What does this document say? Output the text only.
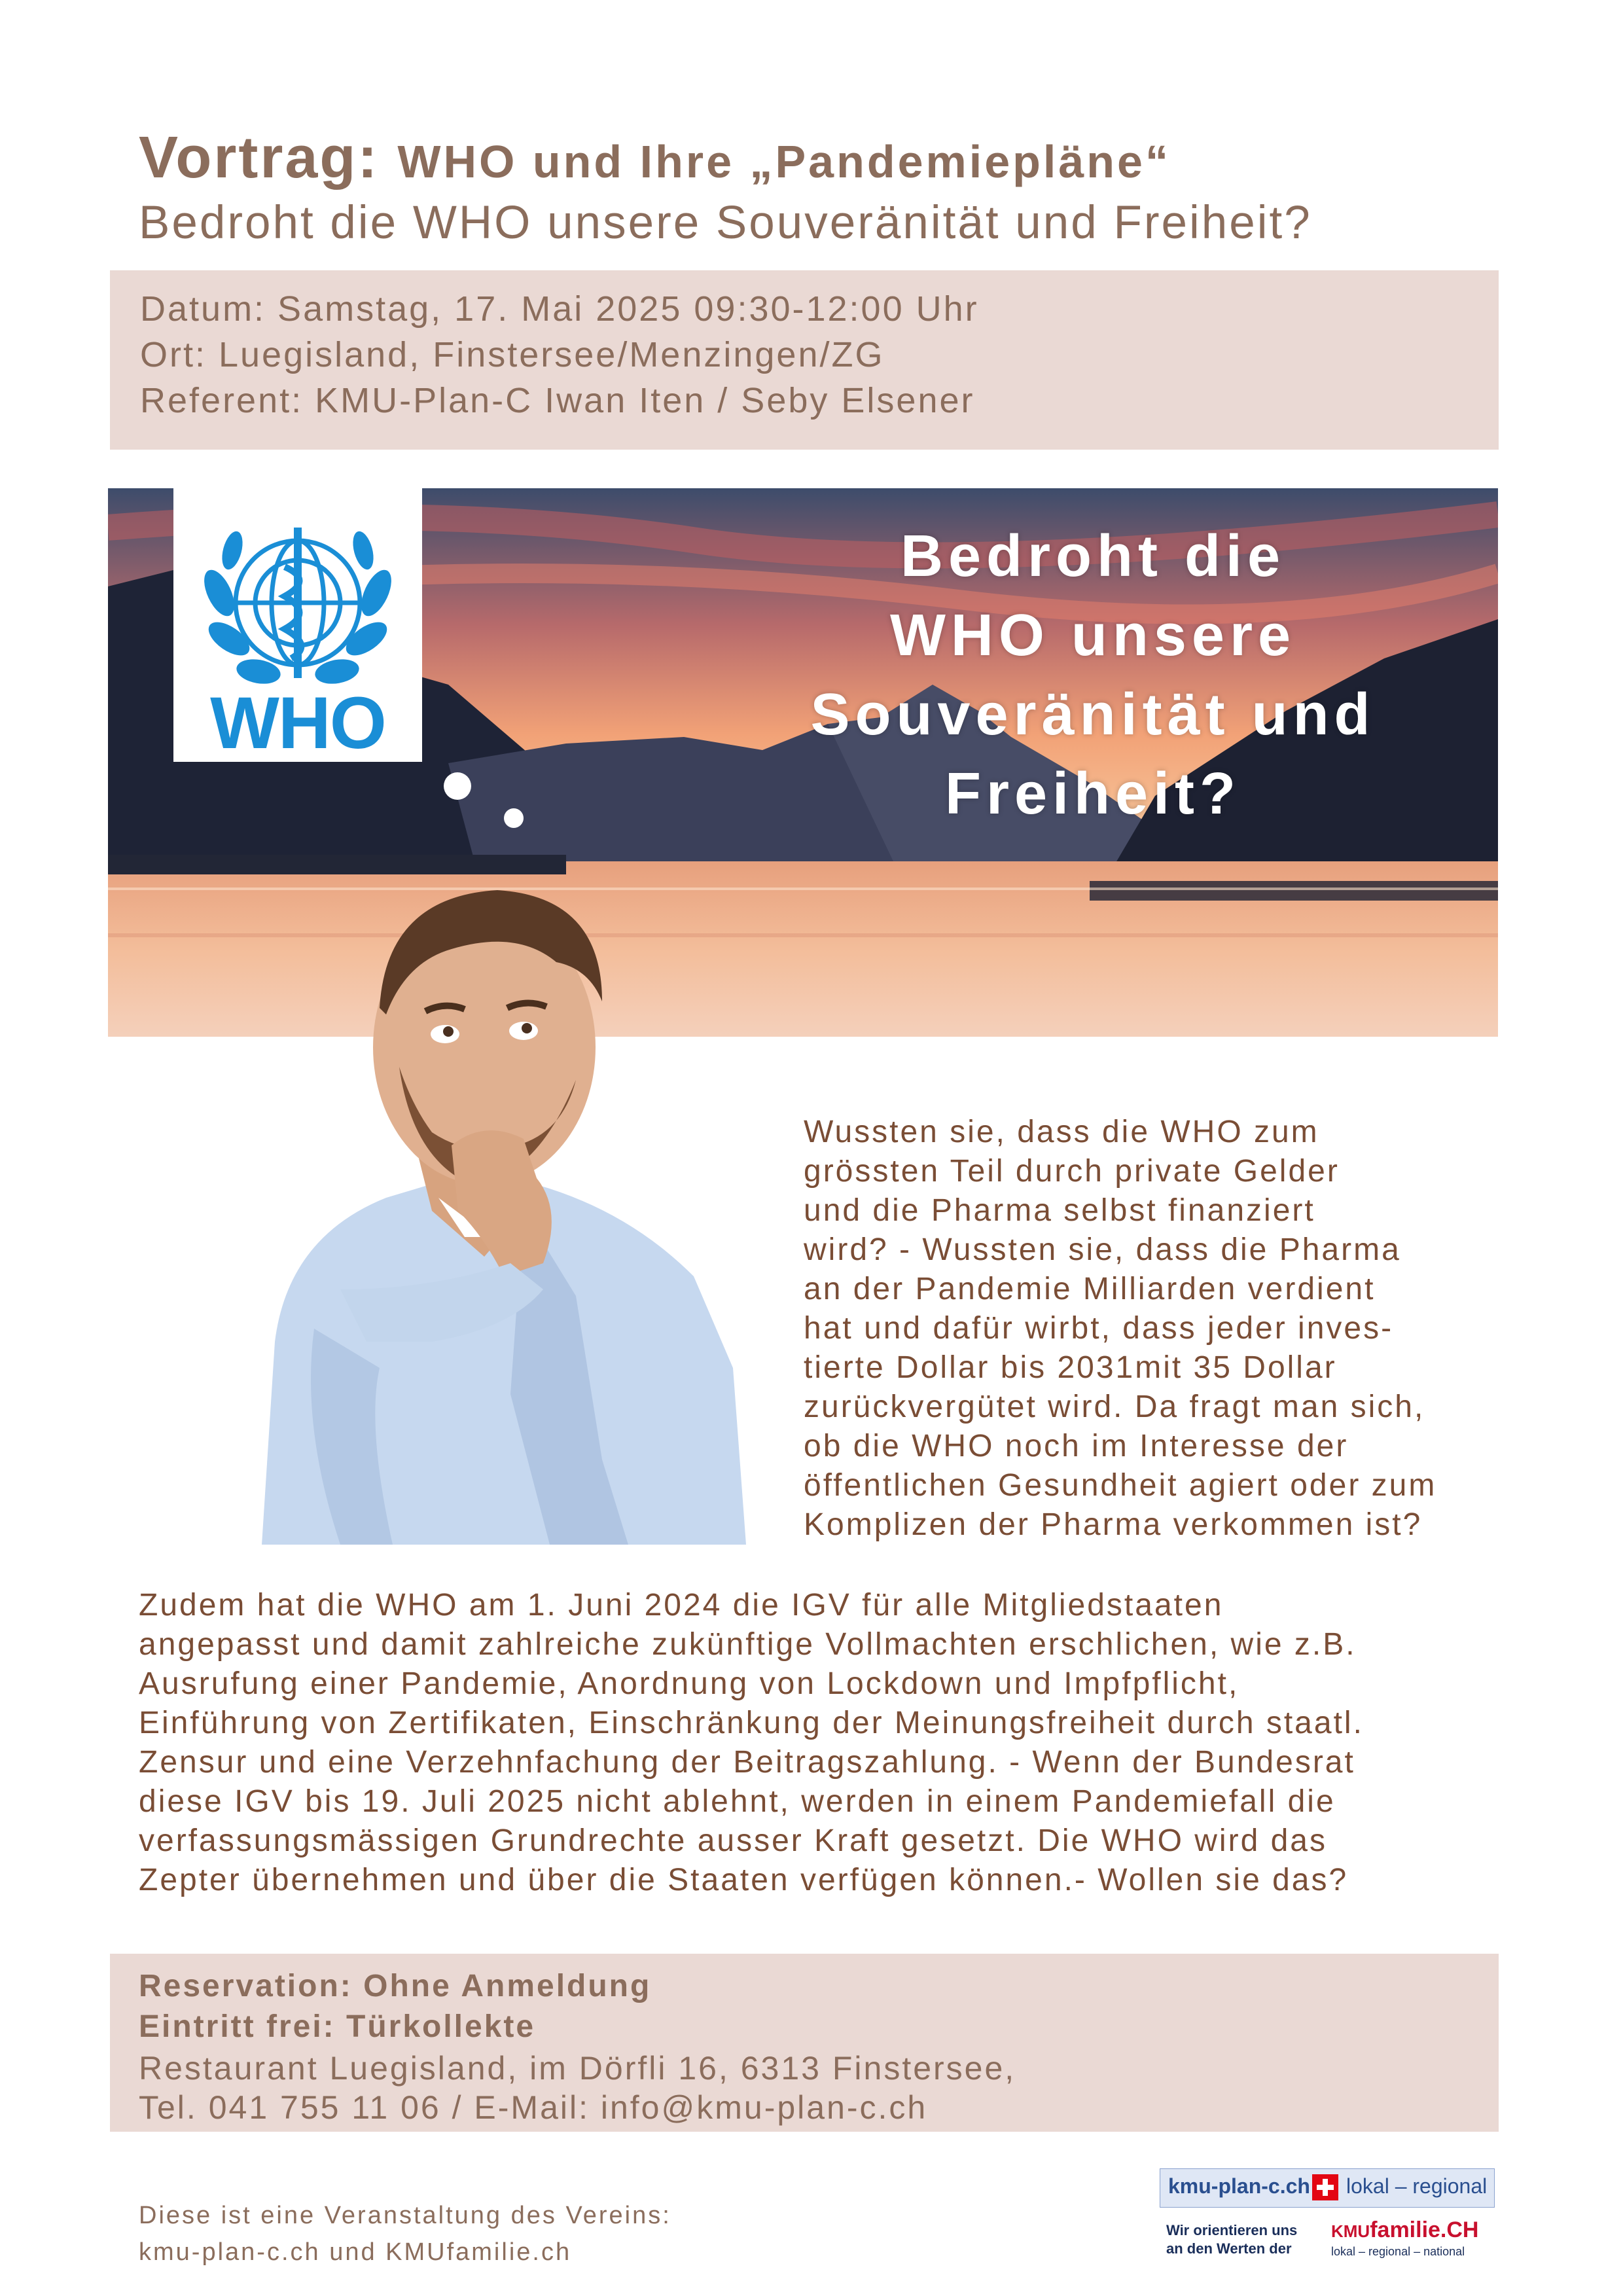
Vortrag: WHO und Ihre „Pandemiepläne“
Bedroht die WHO unsere Souveränität und Freiheit?
Datum: Samstag, 17. Mai 2025 09:30-12:00 Uhr
Ort: Luegisland, Finstersee/Menzingen/ZG
Referent: KMU-Plan-C Iwan Iten / Seby Elsener
WHO
Bedroht die
WHO unsere
Souveränität und
Freiheit?

Wussten sie, dass die WHO zum

grössten Teil durch private Gelder

und die Pharma selbst finanziert

wird? - Wussten sie, dass die Pharma

an der Pandemie Milliarden verdient

hat und dafür wirbt, dass jeder inves-

tierte Dollar bis 2031mit 35 Dollar

zurückvergütet wird. Da fragt man sich,

ob die WHO noch im Interesse der

öffentlichen Gesundheit agiert oder zum

Komplizen der Pharma verkommen ist?

Zudem hat die WHO am 1. Juni 2024 die IGV für alle Mitgliedstaaten

angepasst und damit zahlreiche zukünftige Vollmachten erschlichen, wie z.B.

Ausrufung einer Pandemie, Anordnung von Lockdown und Impfpflicht,

Einführung von Zertifikaten, Einschränkung der Meinungsfreiheit durch staatl.

Zensur und eine Verzehnfachung der Beitragszahlung. - Wenn der Bundesrat

diese IGV bis 19. Juli 2025 nicht ablehnt, werden in einem Pandemiefall die

verfassungsmässigen Grundrechte ausser Kraft gesetzt. Die WHO wird das

Zepter übernehmen und über die Staaten verfügen können.- Wollen sie das?

Reservation: Ohne Anmeldung
Eintritt frei: Türkollekte
Restaurant Luegisland, im Dörfli 16, 6313 Finstersee,
Tel. 041 755 11 06 / E-Mail: info@kmu-plan-c.ch

Diese ist eine Veranstaltung des Vereins:

kmu-plan-c.ch und KMUfamilie.ch

kmu-plan-c.ch lokal – regional
Wir orientieren uns
an den Werten der
KMUfamilie.CH
lokal – regional – national
